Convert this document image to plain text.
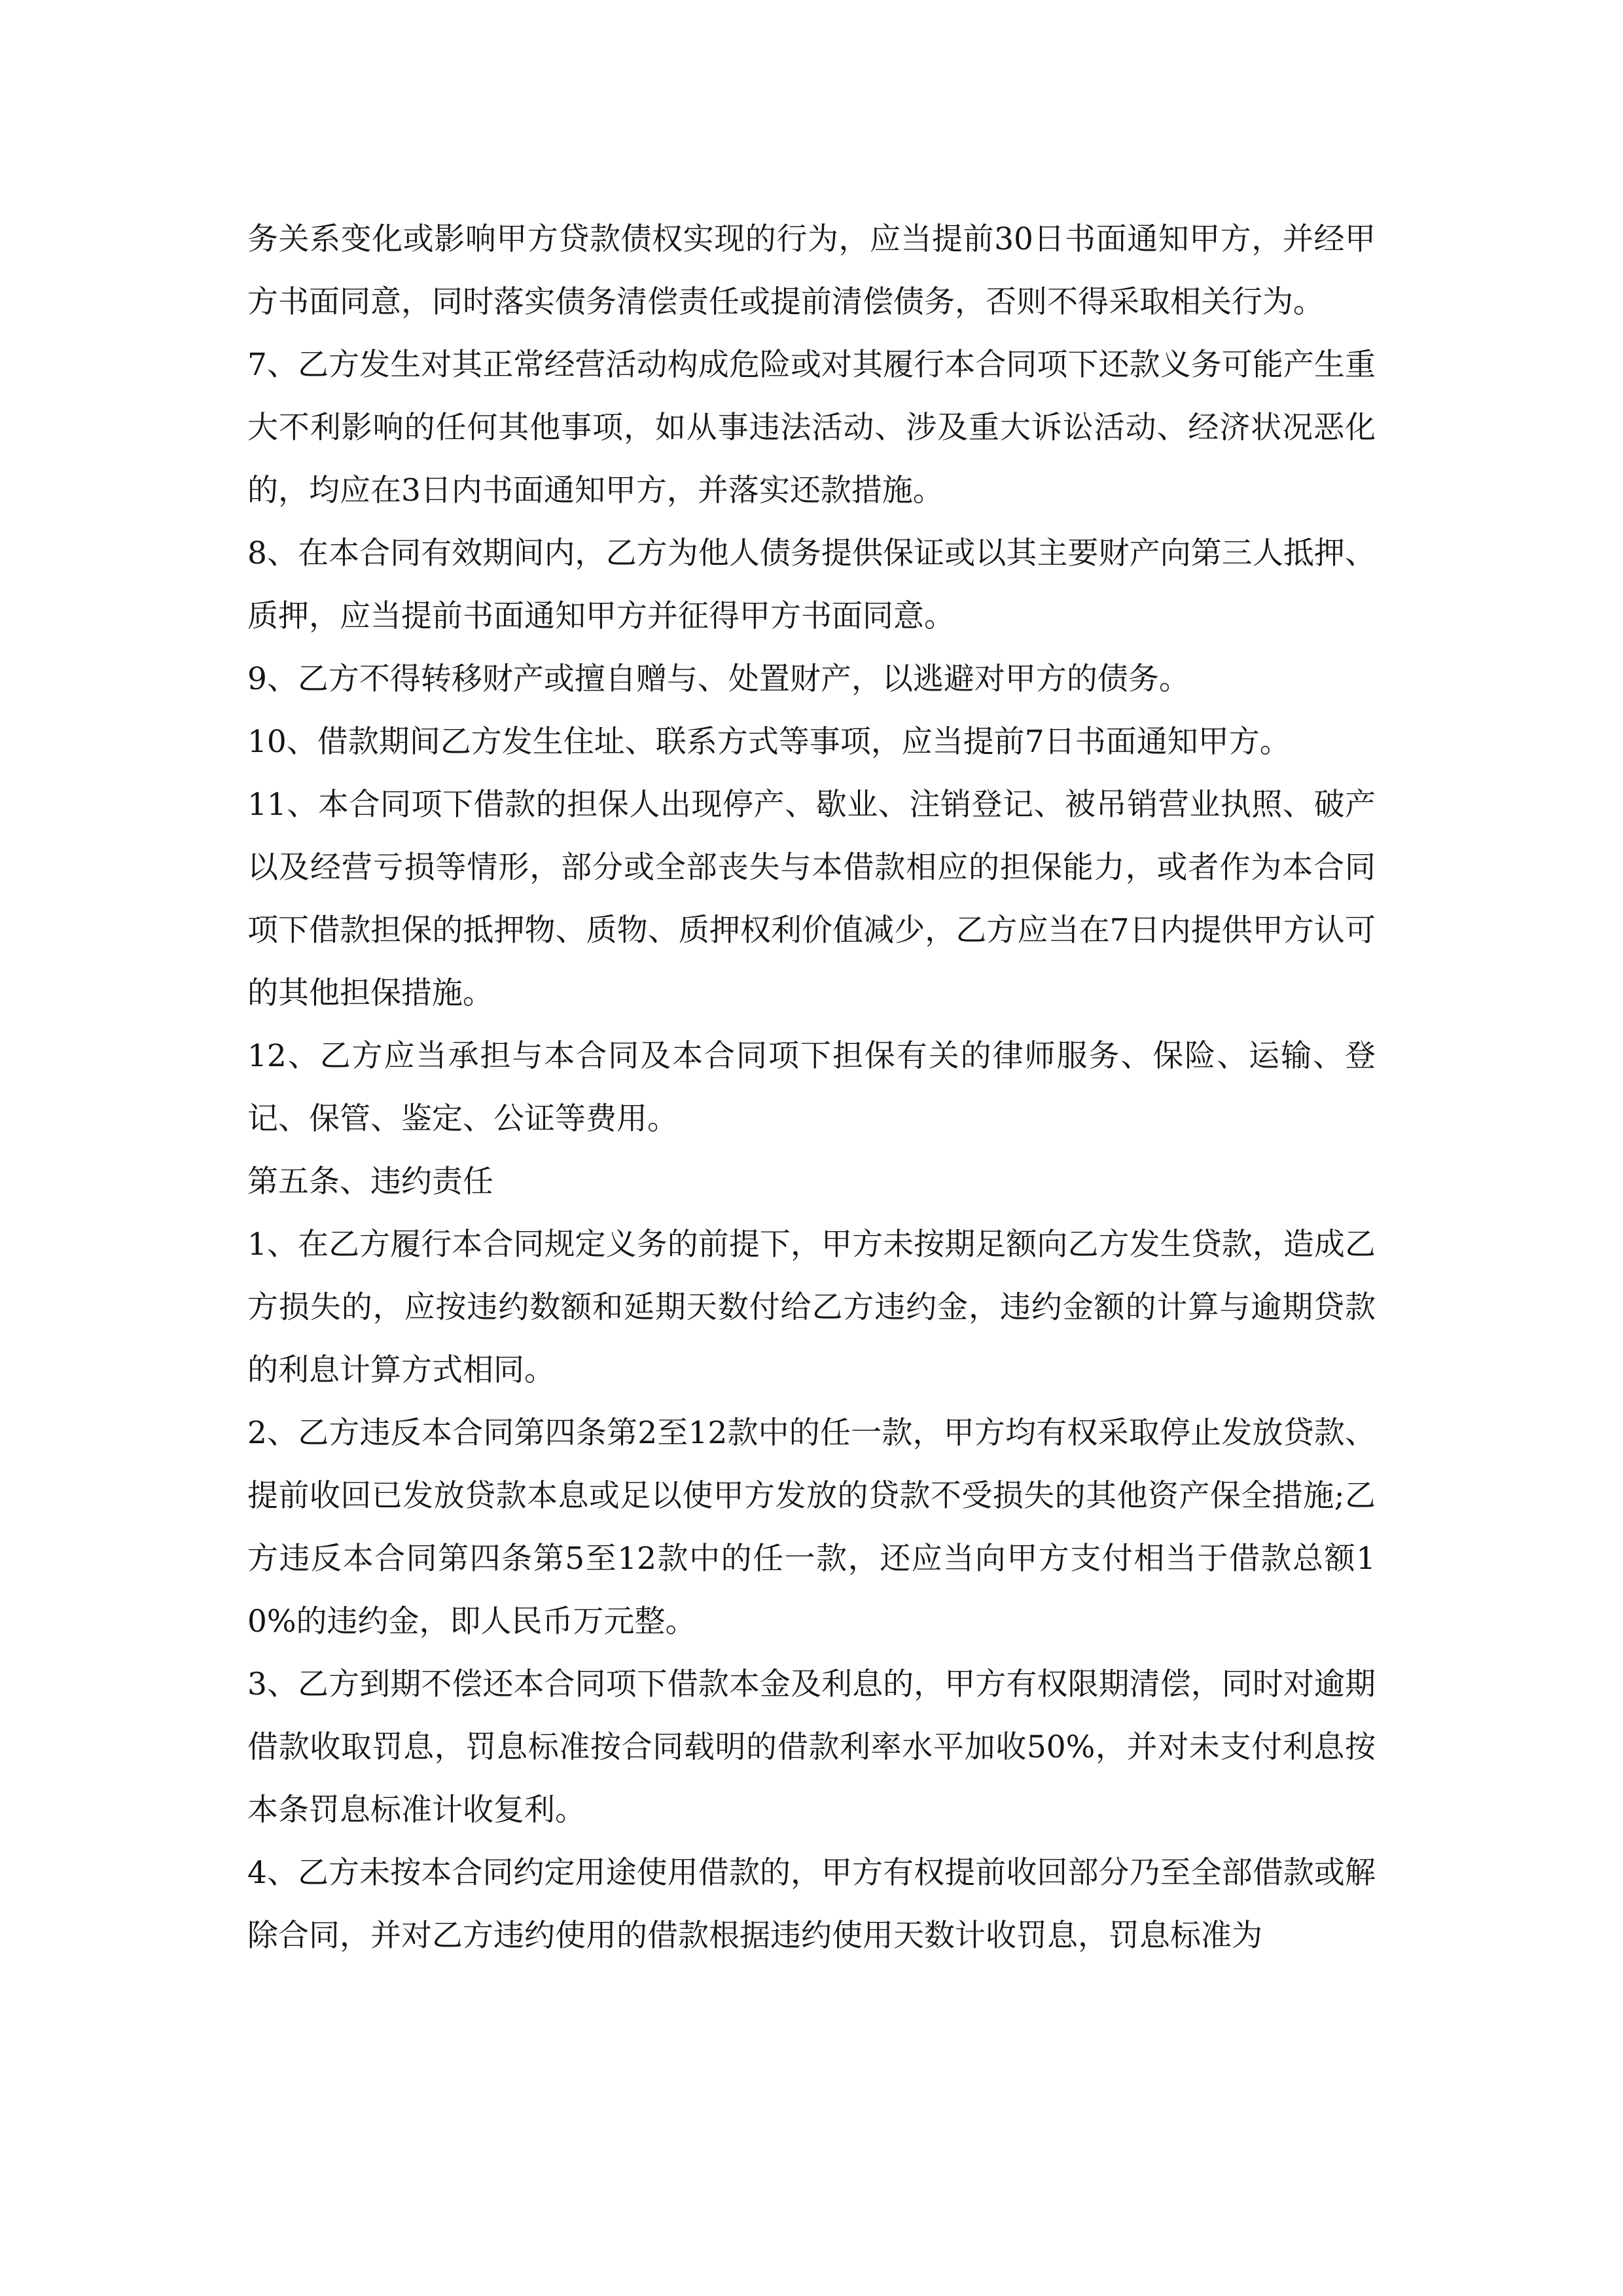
务关系变化或影响甲方贷款债权实现的行为，应当提前30日书面通知甲方，并经甲方书面同意，同时落实债务清偿责任或提前清偿债务，否则不得采取相关行为。

7、乙方发生对其正常经营活动构成危险或对其履行本合同项下还款义务可能产生重大不利影响的任何其他事项，如从事违法活动、涉及重大诉讼活动、经济状况恶化的，均应在3日内书面通知甲方，并落实还款措施。

8、在本合同有效期间内，乙方为他人债务提供保证或以其主要财产向第三人抵押、质押，应当提前书面通知甲方并征得甲方书面同意。

9、乙方不得转移财产或擅自赠与、处置财产，以逃避对甲方的债务。

10、借款期间乙方发生住址、联系方式等事项，应当提前7日书面通知甲方。

11、本合同项下借款的担保人出现停产、歇业、注销登记、被吊销营业执照、破产以及经营亏损等情形，部分或全部丧失与本借款相应的担保能力，或者作为本合同项下借款担保的抵押物、质物、质押权利价值减少，乙方应当在7日内提供甲方认可的其他担保措施。

12、乙方应当承担与本合同及本合同项下担保有关的律师服务、保险、运输、登记、保管、鉴定、公证等费用。

第五条、违约责任

1、在乙方履行本合同规定义务的前提下，甲方未按期足额向乙方发生贷款，造成乙方损失的，应按违约数额和延期天数付给乙方违约金，违约金额的计算与逾期贷款的利息计算方式相同。

2、乙方违反本合同第四条第2至12款中的任一款，甲方均有权采取停止发放贷款、提前收回已发放贷款本息或足以使甲方发放的贷款不受损失的其他资产保全措施;乙方违反本合同第四条第5至12款中的任一款，还应当向甲方支付相当于借款总额10%的违约金，即人民币万元整。

3、乙方到期不偿还本合同项下借款本金及利息的，甲方有权限期清偿，同时对逾期借款收取罚息，罚息标准按合同载明的借款利率水平加收50%，并对未支付利息按本条罚息标准计收复利。

4、乙方未按本合同约定用途使用借款的，甲方有权提前收回部分乃至全部借款或解除合同，并对乙方违约使用的借款根据违约使用天数计收罚息，罚息标准为
